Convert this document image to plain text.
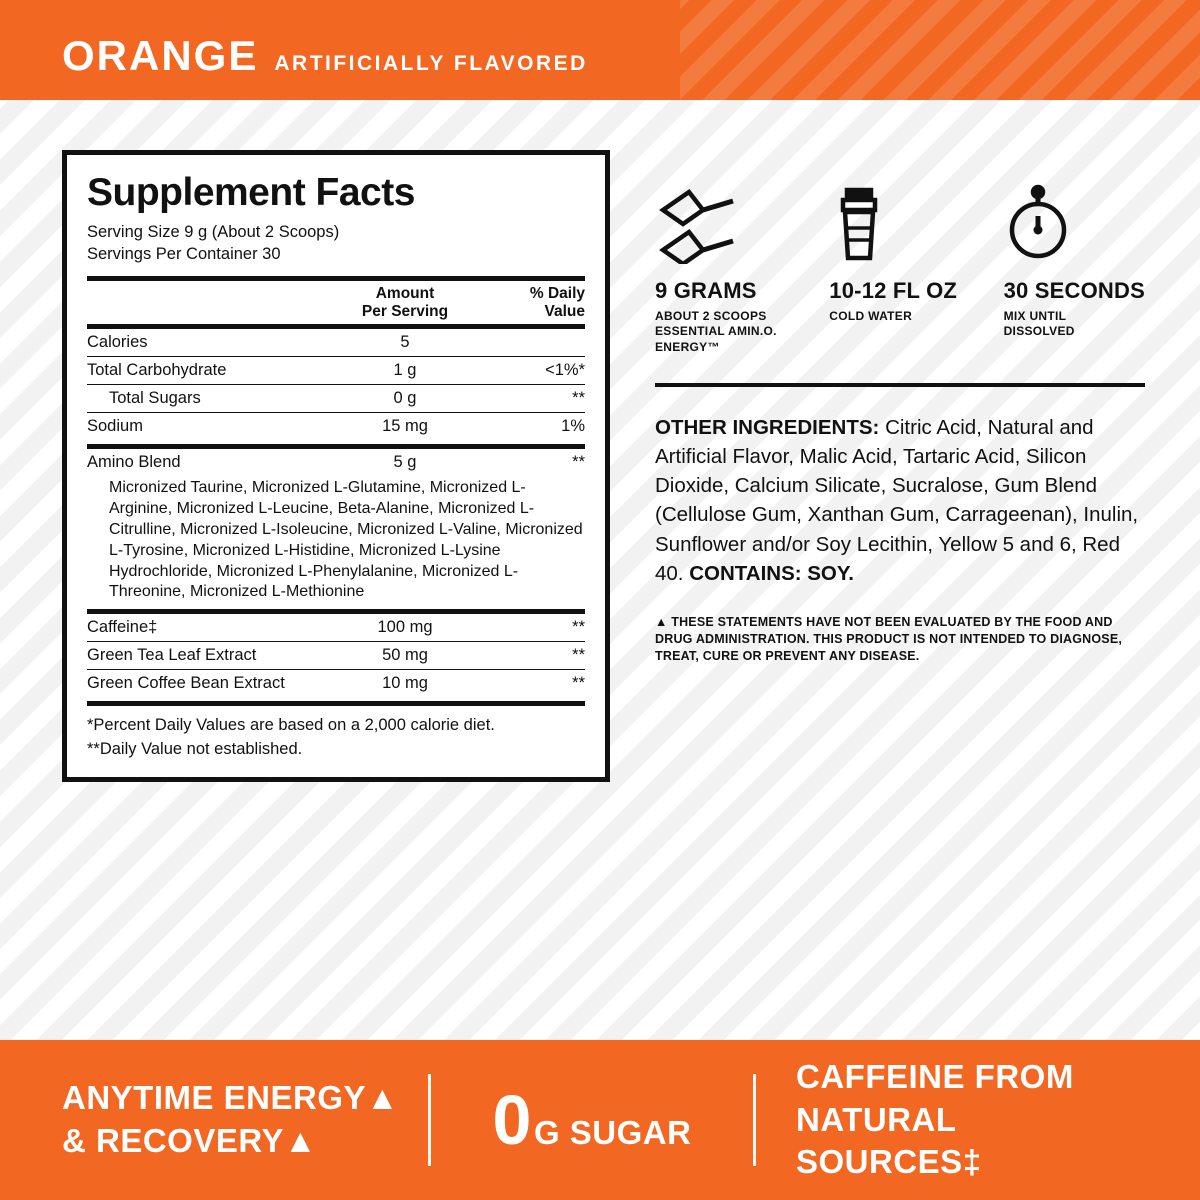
ORANGE ARTIFICIALLY FLAVORED
Supplement Facts
Serving Size 9 g (About 2 Scoops)
Servings Per Container 30

Amount
Per Serving

% Daily
Value
Calories	5	
Total Carbohydrate	1 g	<1%*
Total Sugars	0 g	**
Sodium	15 mg	1%
Amino Blend	5 g	**
Micronized Taurine, Micronized L-Glutamine, Micronized L-Arginine, Micronized L-Leucine, Beta-Alanine, Micronized L-Citrulline, Micronized L-Isoleucine, Micronized L-Valine, Micronized L-Tyrosine, Micronized L-Histidine, Micronized L-Lysine Hydrochloride, Micronized L-Phenylalanine, Micronized L-Threonine, Micronized L-Methionine
Caffeine‡	100 mg	**
Green Tea Leaf Extract	50 mg	**
Green Coffee Bean Extract	10 mg	**
*Percent Daily Values are based on a 2,000 calorie diet.
**Daily Value not established.
9 GRAMS
ABOUT 2 SCOOPS
ESSENTIAL AMIN.O.
ENERGY™
10-12 FL OZ
COLD WATER
30 SECONDS
MIX UNTIL
DISSOLVED
OTHER INGREDIENTS: Citric Acid, Natural and Artificial Flavor, Malic Acid, Tartaric Acid, Silicon Dioxide, Calcium Silicate, Sucralose, Gum Blend (Cellulose Gum, Xanthan Gum, Carrageenan), Inulin, Sunflower and/or Soy Lecithin, Yellow 5 and 6, Red 40. CONTAINS: SOY.
▲ THESE STATEMENTS HAVE NOT BEEN EVALUATED BY THE FOOD AND DRUG ADMINISTRATION. THIS PRODUCT IS NOT INTENDED TO DIAGNOSE, TREAT, CURE OR PREVENT ANY DISEASE.
ANYTIME ENERGY▲
& RECOVERY▲	0 G SUGAR
CAFFEINE FROM
NATURAL SOURCES‡
